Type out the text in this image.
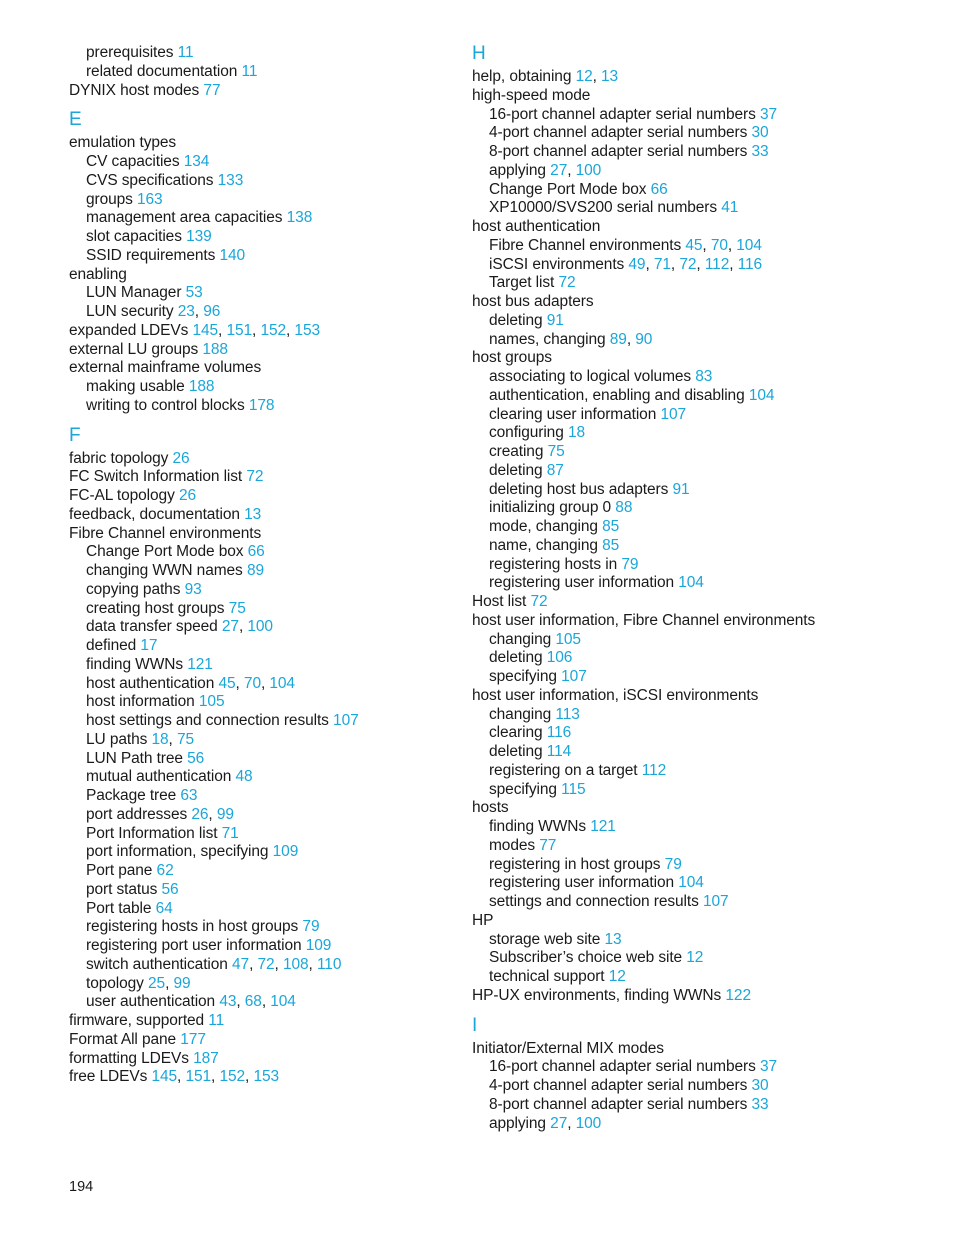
prerequisites 11
related documentation 11
DYNIX host modes 77
E
emulation types
CV capacities 134
CVS specifications 133
groups 163
management area capacities 138
slot capacities 139
SSID requirements 140
enabling
LUN Manager 53
LUN security 23, 96
expanded LDEVs 145, 151, 152, 153
external LU groups 188
external mainframe volumes
making usable 188
writing to control blocks 178
F
fabric topology 26
FC Switch Information list 72
FC-AL topology 26
feedback, documentation 13
Fibre Channel environments
Change Port Mode box 66
changing WWN names 89
copying paths 93
creating host groups 75
data transfer speed 27, 100
defined 17
finding WWNs 121
host authentication 45, 70, 104
host information 105
host settings and connection results 107
LU paths 18, 75
LUN Path tree 56
mutual authentication 48
Package tree 63
port addresses 26, 99
Port Information list 71
port information, specifying 109
Port pane 62
port status 56
Port table 64
registering hosts in host groups 79
registering port user information 109
switch authentication 47, 72, 108, 110
topology 25, 99
user authentication 43, 68, 104
firmware, supported 11
Format All pane 177
formatting LDEVs 187
free LDEVs 145, 151, 152, 153
H
help, obtaining 12, 13
high-speed mode
16-port channel adapter serial numbers 37
4-port channel adapter serial numbers 30
8-port channel adapter serial numbers 33
applying 27, 100
Change Port Mode box 66
XP10000/SVS200 serial numbers 41
host authentication
Fibre Channel environments 45, 70, 104
iSCSI environments 49, 71, 72, 112, 116
Target list 72
host bus adapters
deleting 91
names, changing 89, 90
host groups
associating to logical volumes 83
authentication, enabling and disabling 104
clearing user information 107
configuring 18
creating 75
deleting 87
deleting host bus adapters 91
initializing group 0 88
mode, changing 85
name, changing 85
registering hosts in 79
registering user information 104
Host list 72
host user information, Fibre Channel environments
changing 105
deleting 106
specifying 107
host user information, iSCSI environments
changing 113
clearing 116
deleting 114
registering on a target 112
specifying 115
hosts
finding WWNs 121
modes 77
registering in host groups 79
registering user information 104
settings and connection results 107
HP
storage web site 13
Subscriber’s choice web site 12
technical support 12
HP-UX environments, finding WWNs 122
I
Initiator/External MIX modes
16-port channel adapter serial numbers 37
4-port channel adapter serial numbers 30
8-port channel adapter serial numbers 33
applying 27, 100
194
